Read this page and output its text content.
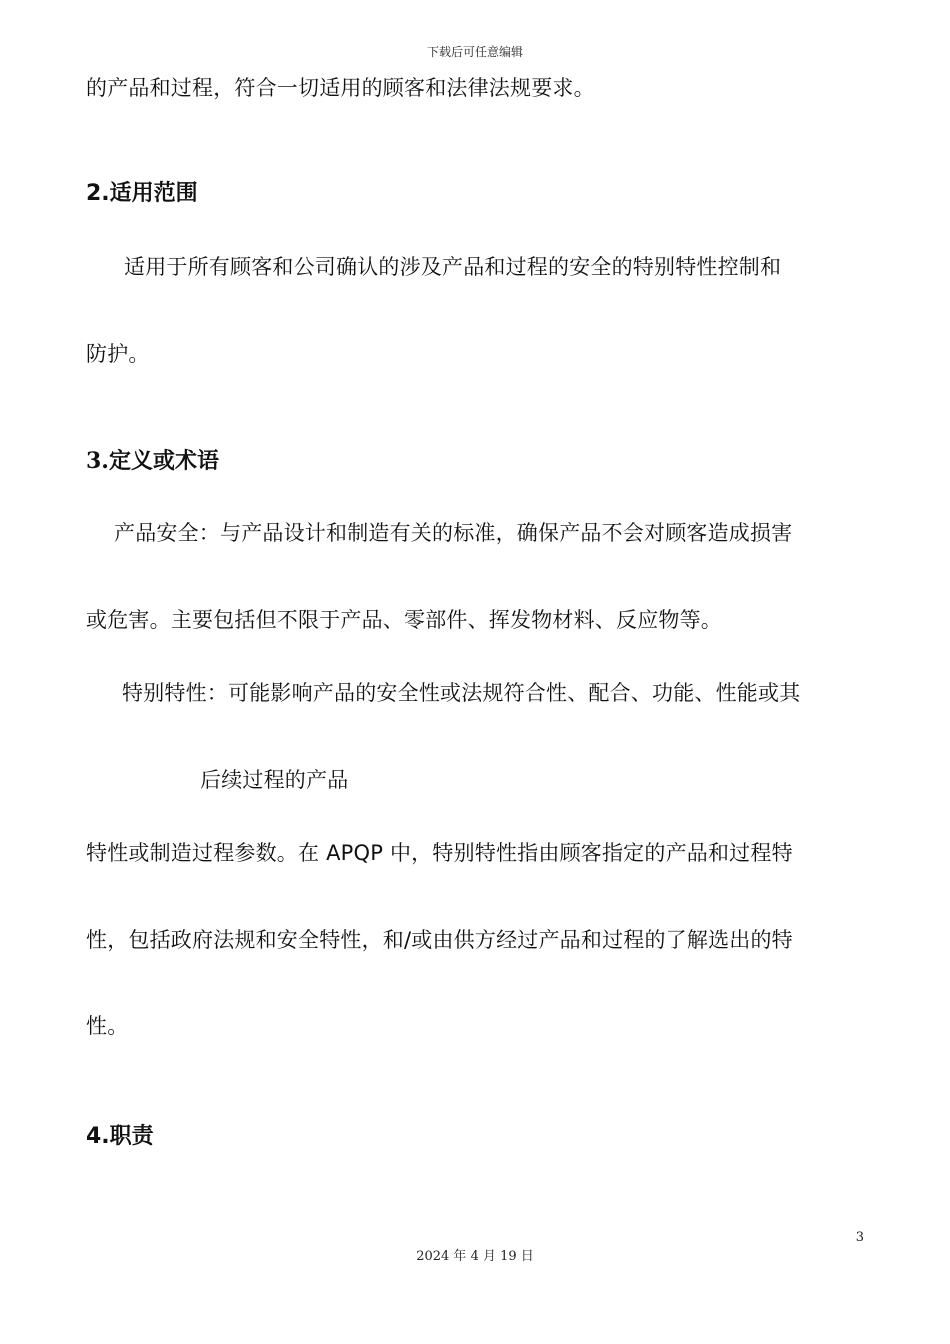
下载后可任意编辑
的产品和过程，符合一切适用的顾客和法律法规要求。
2.适用范围
适用于所有顾客和公司确认的涉及产品和过程的安全的特别特性控制和
防护。
3.定义或术语
产品安全：与产品设计和制造有关的标准，确保产品不会对顾客造成损害
或危害。主要包括但不限于产品、零部件、挥发物材料、反应物等。
特别特性：可能影响产品的安全性或法规符合性、配合、功能、性能或其
后续过程的产品
特性或制造过程参数。在 APQP 中，特别特性指由顾客指定的产品和过程特
性，包括政府法规和安全特性，和/或由供方经过产品和过程的了解选出的特
性。
4.职责
3
2024 年 4 月 19 日
